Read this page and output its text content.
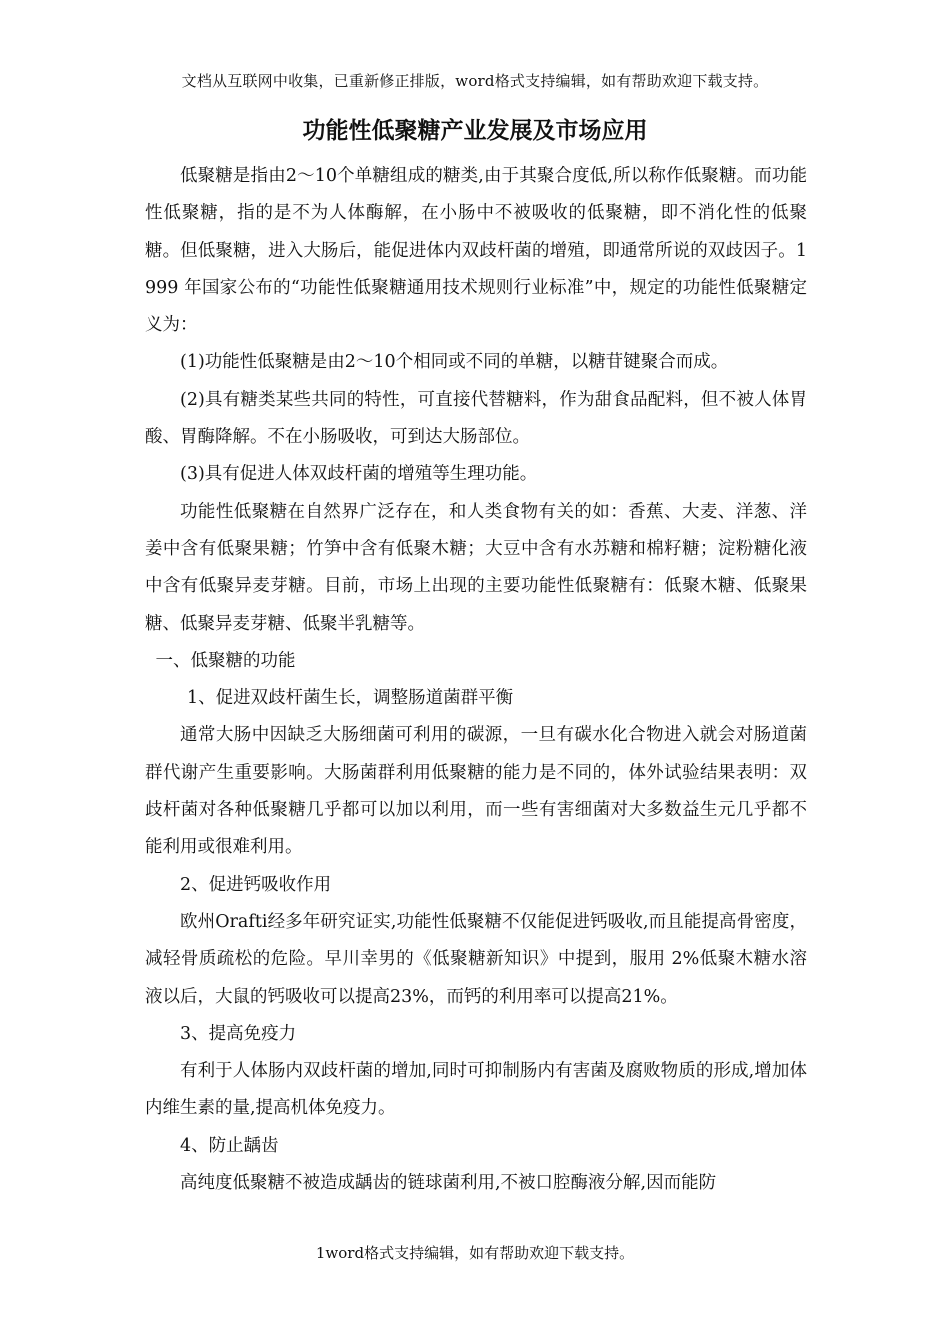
文档从互联网中收集，已重新修正排版，word格式支持编辑，如有帮助欢迎下载支持。
功能性低聚糖产业发展及市场应用

低聚糖是指由2～10个单糖组成的糖类,由于其聚合度低,所以称作低聚糖。而功能性低聚糖，指的是不为人体酶解，在小肠中不被吸收的低聚糖，即不消化性的低聚糖。但低聚糖，进入大肠后，能促进体内双歧杆菌的增殖，即通常所说的双歧因子。1999 年国家公布的“功能性低聚糖通用技术规则行业标准”中，规定的功能性低聚糖定义为：

(1)功能性低聚糖是由2～10个相同或不同的单糖，以糖苷键聚合而成。

(2)具有糖类某些共同的特性，可直接代替糖料，作为甜食品配料，但不被人体胃酸、胃酶降解。不在小肠吸收，可到达大肠部位。

(3)具有促进人体双歧杆菌的增殖等生理功能。

功能性低聚糖在自然界广泛存在，和人类食物有关的如：香蕉、大麦、洋葱、洋姜中含有低聚果糖；竹笋中含有低聚木糖；大豆中含有水苏糖和棉籽糖；淀粉糖化液中含有低聚异麦芽糖。目前，市场上出现的主要功能性低聚糖有：低聚木糖、低聚果糖、低聚异麦芽糖、低聚半乳糖等。

一、低聚糖的功能

1、促进双歧杆菌生长，调整肠道菌群平衡

通常大肠中因缺乏大肠细菌可利用的碳源，一旦有碳水化合物进入就会对肠道菌群代谢产生重要影响。大肠菌群利用低聚糖的能力是不同的，体外试验结果表明：双歧杆菌对各种低聚糖几乎都可以加以利用，而一些有害细菌对大多数益生元几乎都不能利用或很难利用。

2、促进钙吸收作用

欧州Orafti经多年研究证实,功能性低聚糖不仅能促进钙吸收,而且能提高骨密度，减轻骨质疏松的危险。早川幸男的《低聚糖新知识》中提到，服用 2%低聚木糖水溶液以后，大鼠的钙吸收可以提高23%，而钙的利用率可以提高21%。

3、提高免疫力

有利于人体肠内双歧杆菌的增加,同时可抑制肠内有害菌及腐败物质的形成,增加体内维生素的量,提高机体免疫力。

4、防止龋齿

高纯度低聚糖不被造成龋齿的链球菌利用,不被口腔酶液分解,因而能防

1word格式支持编辑，如有帮助欢迎下载支持。
